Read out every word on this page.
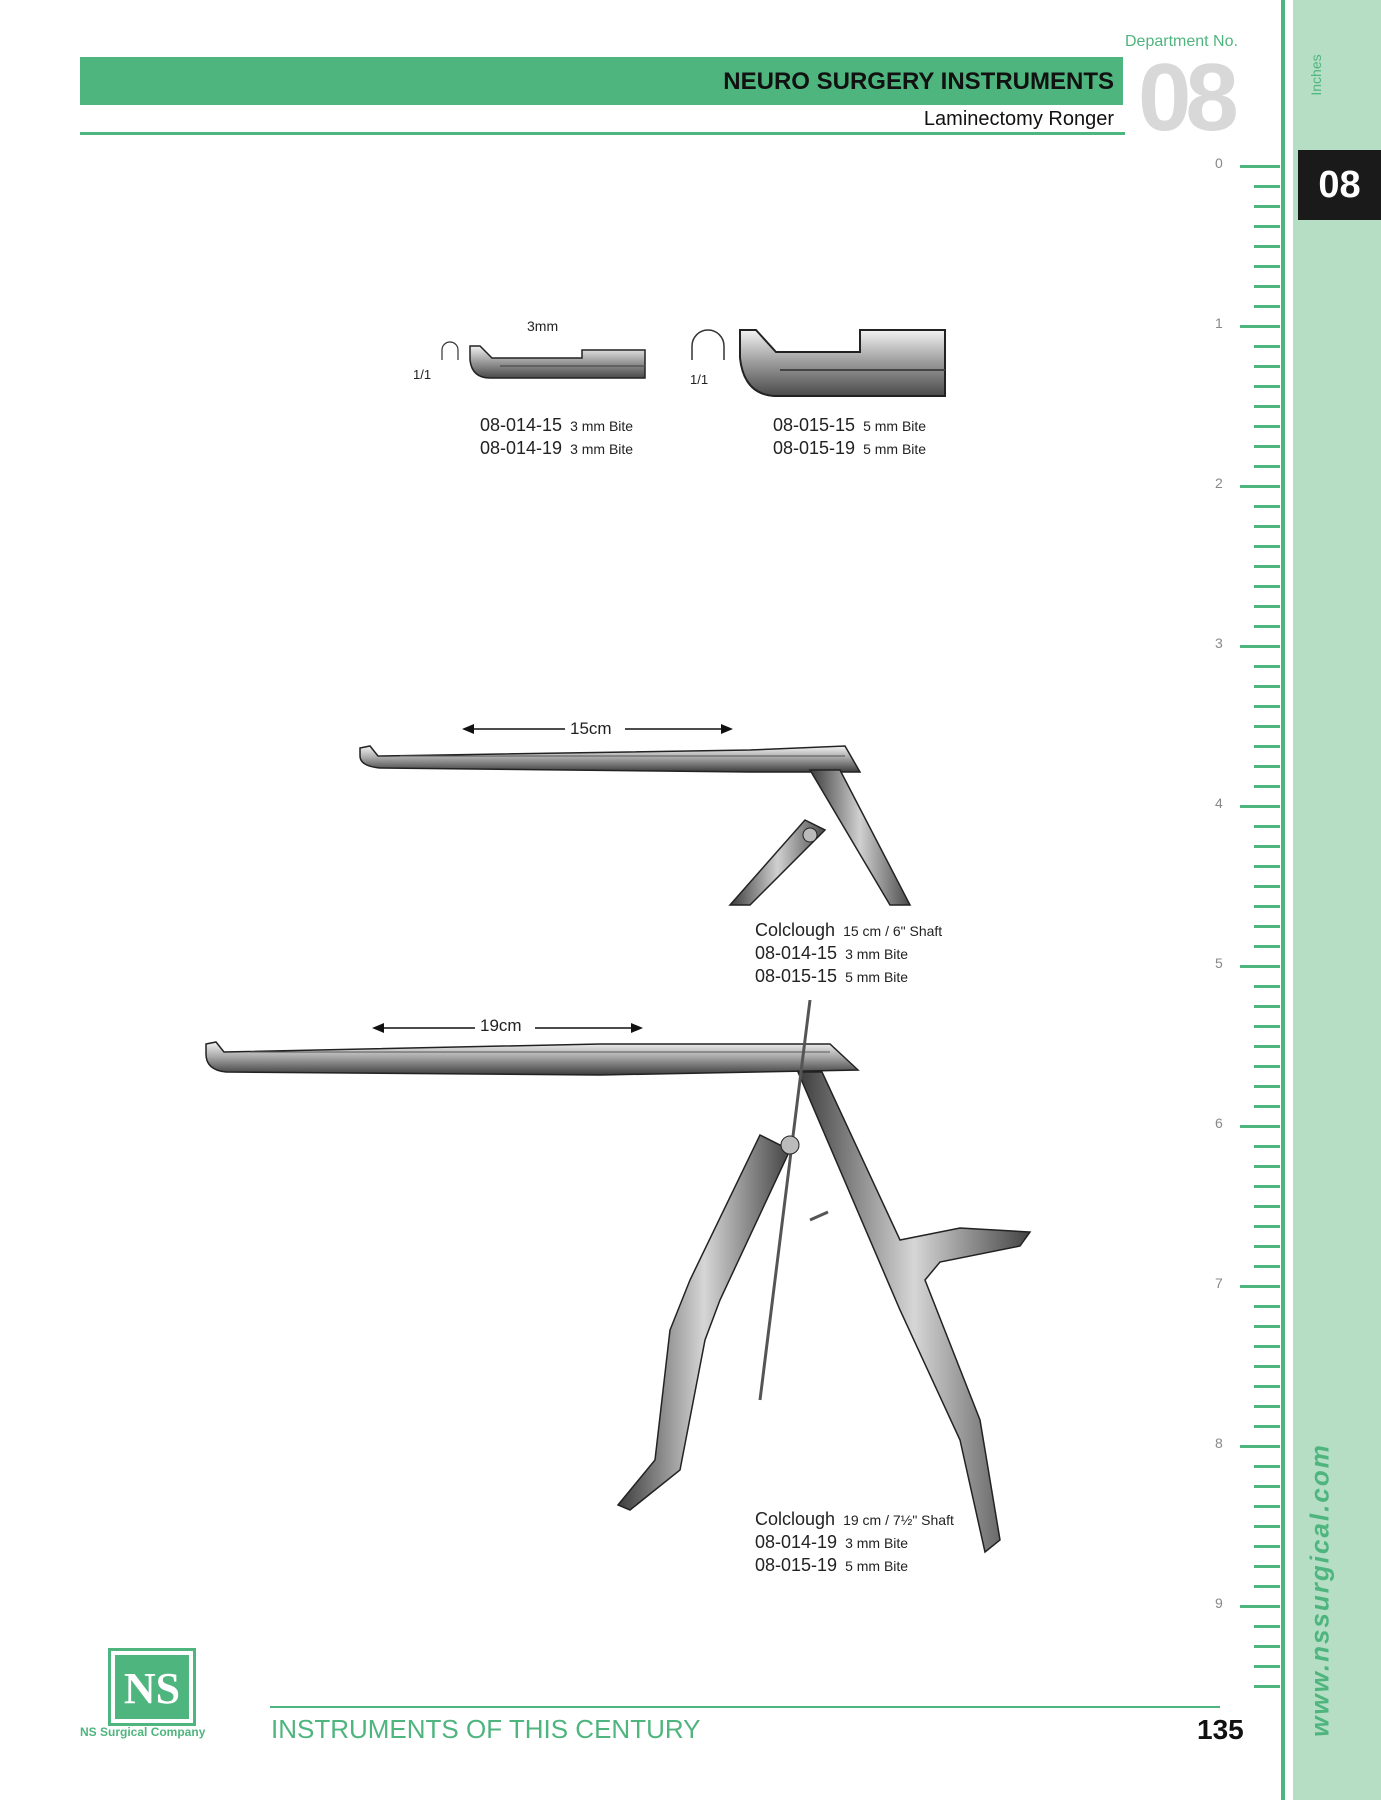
NEURO SURGERY INSTRUMENTS
Laminectomy Ronger
Department No.
08
08
Inches
www.nssurgical.com
0
1
2
3
4
5
6
7
8
9
3mm
1/1	1/1
08-014-15 3 mm Bite
08-014-19 3 mm Bite
08-015-15 5 mm Bite
08-015-19 5 mm Bite
15cm
Colclough 15 cm / 6" Shaft
08-014-15 3 mm Bite
08-015-15 5 mm Bite
19cm
Colclough 19 cm / 7½" Shaft
08-014-19 3 mm Bite
08-015-19 5 mm Bite
NS
NS Surgical Company	INSTRUMENTS OF THIS CENTURY	135
